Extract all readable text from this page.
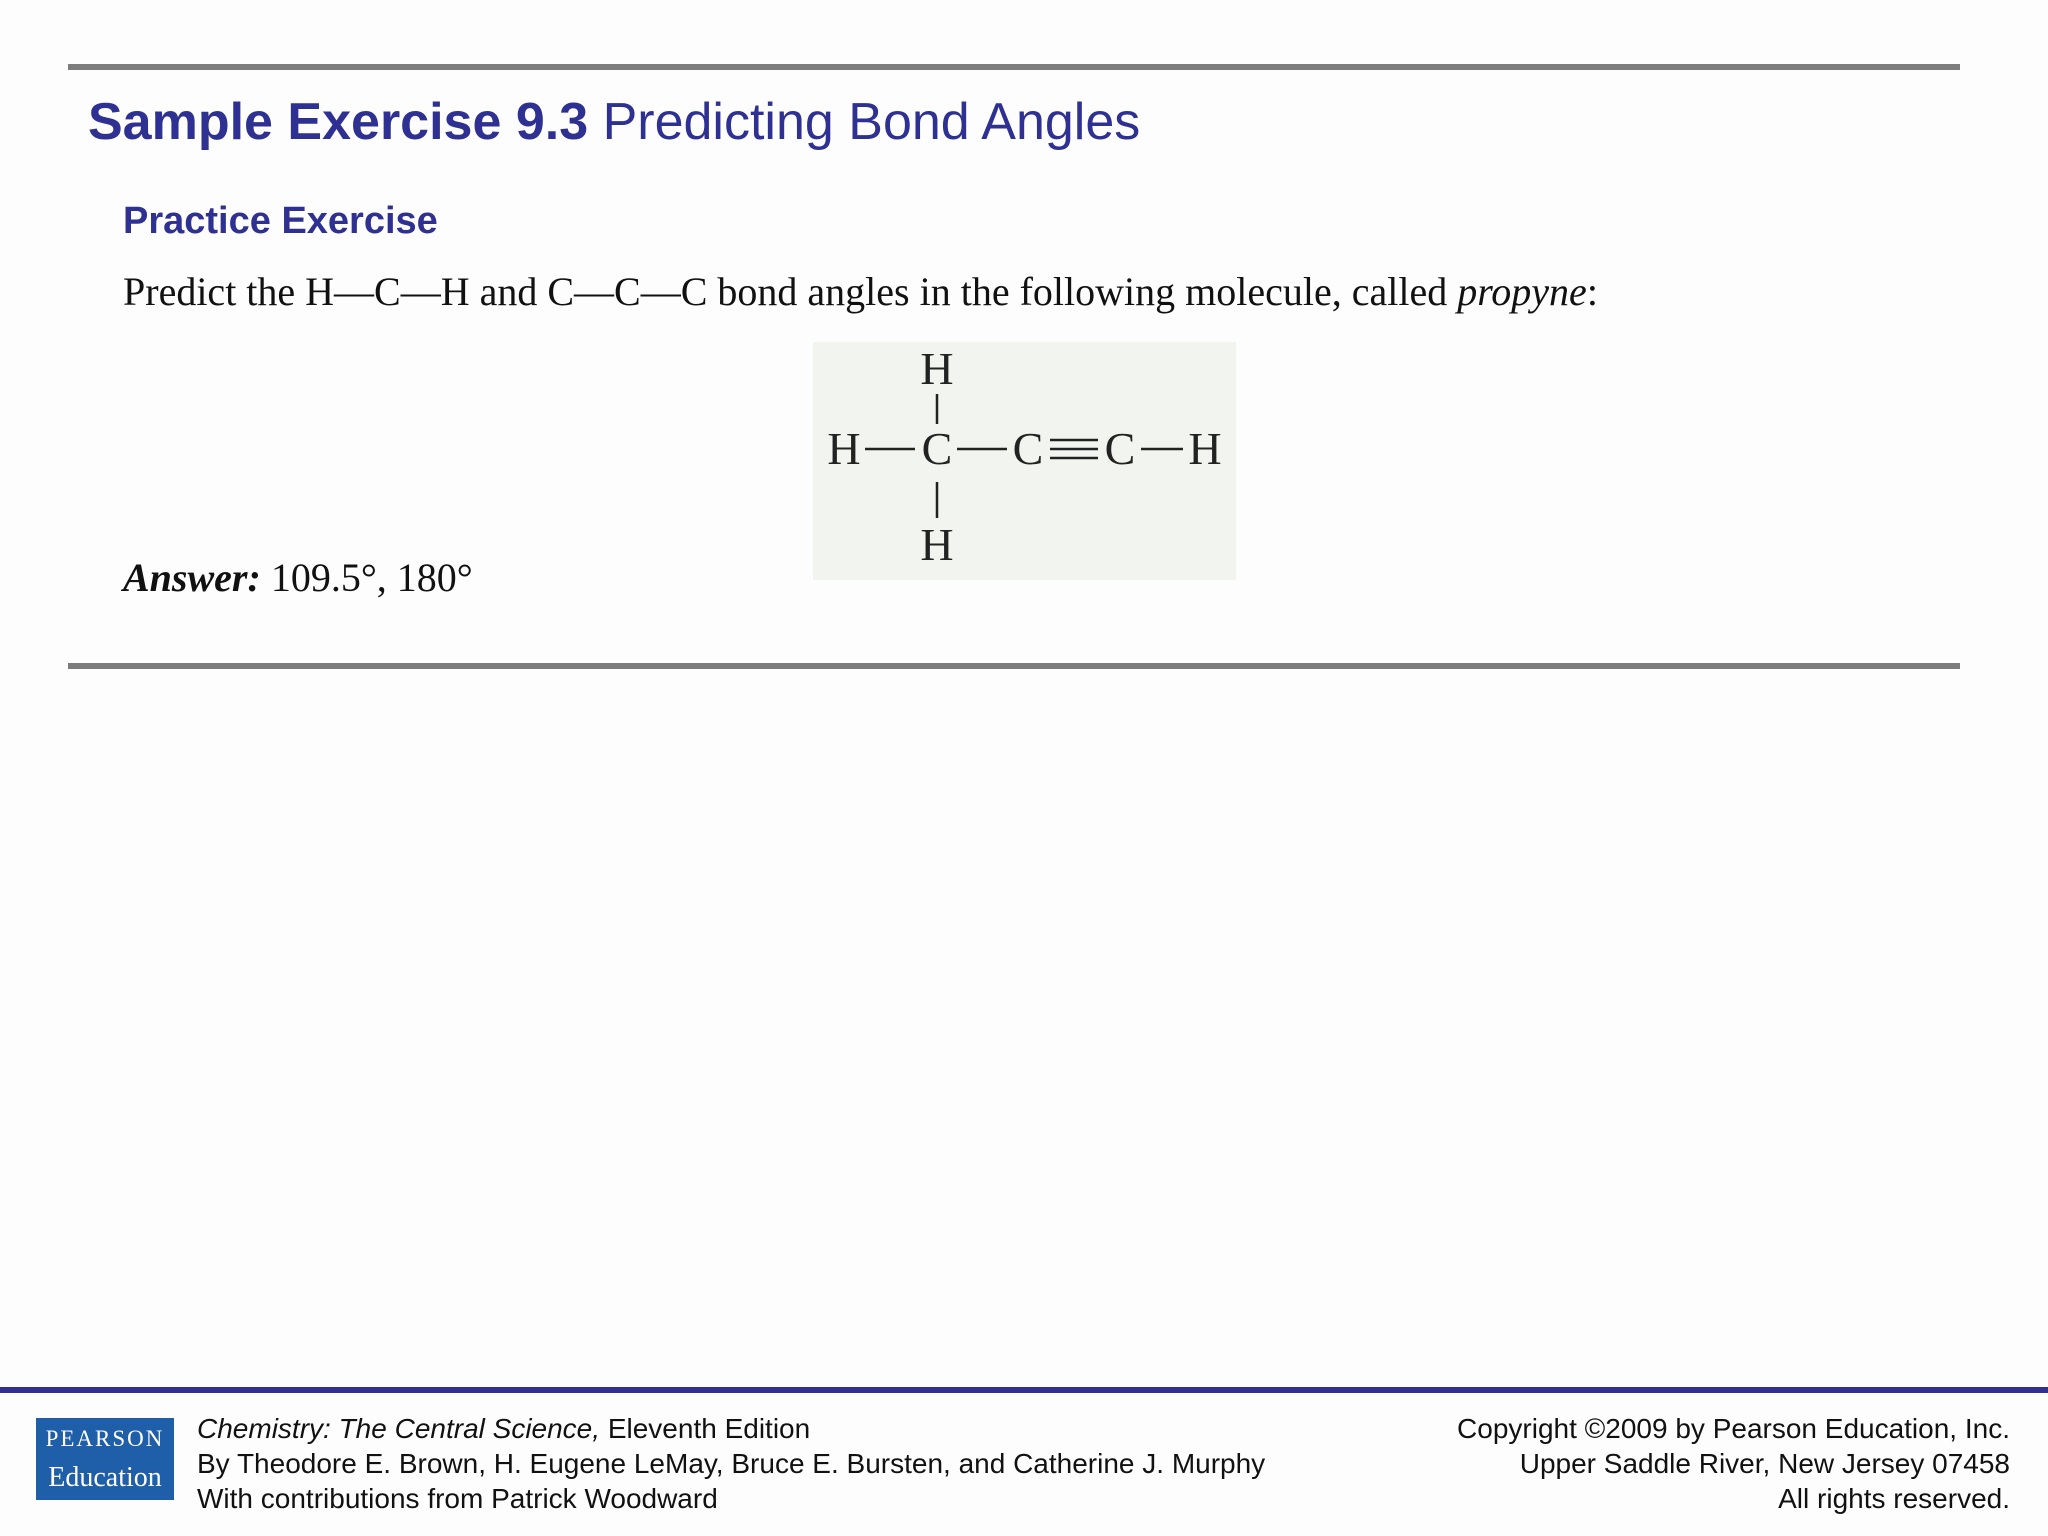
Sample Exercise 9.3 Predicting Bond Angles
Practice Exercise

Predict the H—C—H and C—C—C bond angles in the following molecule, called propyne:

H
H C C C H
H

Answer: 109.5°, 180°

PEARSON
Education
Chemistry: The Central Science, Eleventh Edition
By Theodore E. Brown, H. Eugene LeMay, Bruce E. Bursten, and Catherine J. Murphy
With contributions from Patrick Woodward
Copyright ©2009 by Pearson Education, Inc.
Upper Saddle River, New Jersey 07458
All rights reserved.
